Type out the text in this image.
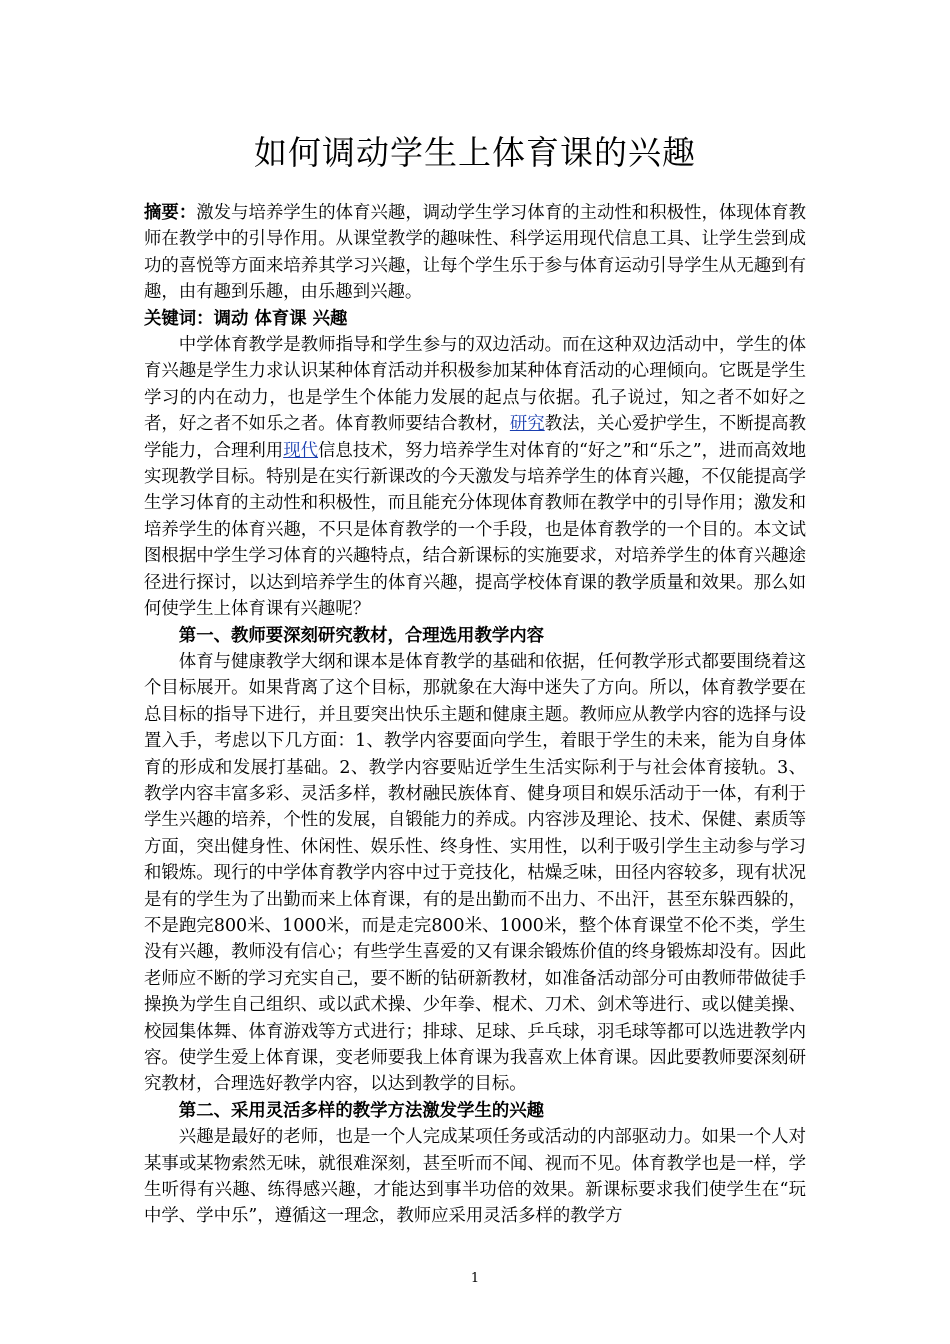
如何调动学生上体育课的兴趣

摘要：激发与培养学生的体育兴趣，调动学生学习体育的主动性和积极性，体现体育教师在教学中的引导作用。从课堂教学的趣味性、科学运用现代信息工具、让学生尝到成功的喜悦等方面来培养其学习兴趣，让每个学生乐于参与体育运动引导学生从无趣到有趣，由有趣到乐趣，由乐趣到兴趣。

关键词：调动 体育课 兴趣

中学体育教学是教师指导和学生参与的双边活动。而在这种双边活动中，学生的体育兴趣是学生力求认识某种体育活动并积极参加某种体育活动的心理倾向。它既是学生学习的内在动力，也是学生个体能力发展的起点与依据。孔子说过，知之者不如好之者，好之者不如乐之者。体育教师要结合教材，研究教法，关心爱护学生，不断提高教学能力，合理利用现代信息技术，努力培养学生对体育的“好之”和“乐之”，进而高效地实现教学目标。特别是在实行新课改的今天激发与培养学生的体育兴趣，不仅能提高学生学习体育的主动性和积极性，而且能充分体现体育教师在教学中的引导作用；激发和培养学生的体育兴趣，不只是体育教学的一个手段，也是体育教学的一个目的。本文试图根据中学生学习体育的兴趣特点，结合新课标的实施要求，对培养学生的体育兴趣途径进行探讨，以达到培养学生的体育兴趣，提高学校体育课的教学质量和效果。那么如何使学生上体育课有兴趣呢？

第一、教师要深刻研究教材，合理选用教学内容

体育与健康教学大纲和课本是体育教学的基础和依据，任何教学形式都要围绕着这个目标展开。如果背离了这个目标，那就象在大海中迷失了方向。所以，体育教学要在总目标的指导下进行，并且要突出快乐主题和健康主题。教师应从教学内容的选择与设置入手，考虑以下几方面：1、教学内容要面向学生，着眼于学生的未来，能为自身体育的形成和发展打基础。2、教学内容要贴近学生生活实际利于与社会体育接轨。3、教学内容丰富多彩、灵活多样，教材融民族体育、健身项目和娱乐活动于一体，有利于学生兴趣的培养，个性的发展，自锻能力的养成。内容涉及理论、技术、保健、素质等方面，突出健身性、休闲性、娱乐性、终身性、实用性，以利于吸引学生主动参与学习和锻炼。现行的中学体育教学内容中过于竞技化，枯燥乏味，田径内容较多，现有状况是有的学生为了出勤而来上体育课，有的是出勤而不出力、不出汗，甚至东躲西躲的，不是跑完800米、1000米，而是走完800米、1000米，整个体育课堂不伦不类，学生没有兴趣，教师没有信心；有些学生喜爱的又有课余锻炼价值的终身锻炼却没有。因此老师应不断的学习充实自己，要不断的钻研新教材，如准备活动部分可由教师带做徒手操换为学生自己组织、或以武术操、少年拳、棍术、刀术、剑术等进行、或以健美操、校园集体舞、体育游戏等方式进行；排球、足球、乒乓球，羽毛球等都可以选进教学内容。使学生爱上体育课，变老师要我上体育课为我喜欢上体育课。因此要教师要深刻研究教材，合理选好教学内容，以达到教学的目标。

第二、采用灵活多样的教学方法激发学生的兴趣

兴趣是最好的老师，也是一个人完成某项任务或活动的内部驱动力。如果一个人对某事或某物索然无味，就很难深刻，甚至听而不闻、视而不见。体育教学也是一样，学生听得有兴趣、练得感兴趣，才能达到事半功倍的效果。新课标要求我们使学生在“玩中学、学中乐”，遵循这一理念，教师应采用灵活多样的教学方

1
